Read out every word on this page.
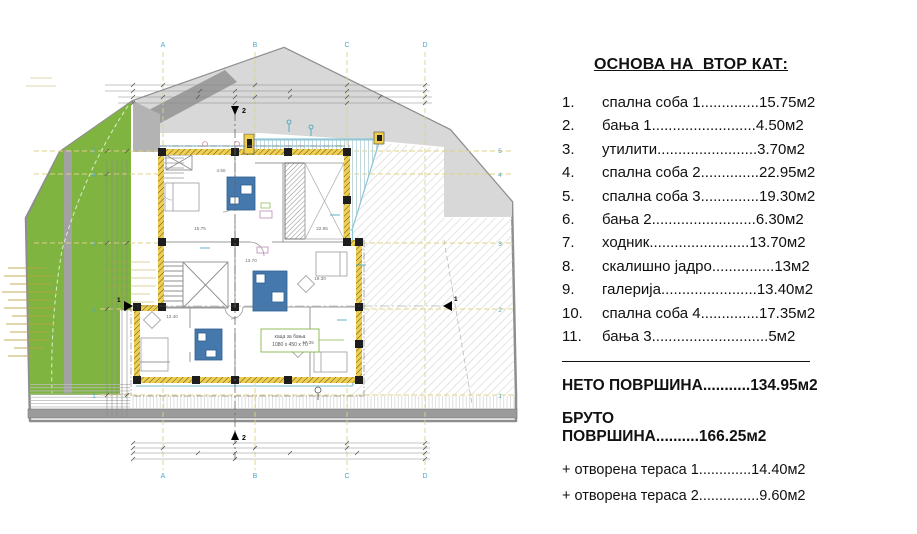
2
2
1	1
A	B	C	D
A	B	C	D
5
4
3
2
1
5
4
3
2
1
каца за бања
1080 x 450 x 70
15.75
4.50
22.95
19.30
13.70
17.35
13.40
ОСНОВА НА  ВТОР КАТ:
1.	спална соба 1..............15.75м2
2.	бања 1.........................4.50м2
3.	утилити........................3.70м2
4.	спална соба 2..............22.95м2
5.	спална соба 3..............19.30м2
6.	бања 2.........................6.30м2
7.	ходник........................13.70м2
8.	скалишно јадро...............13м2
9.	галерија.......................13.40м2
10.	спална соба 4..............17.35м2
11.	бања 3............................5м2
НЕТО ПОВРШИНА...........134.95м2
БРУТО ПОВРШИНА..........166.25м2
+ отворена тераса 1.............14.40м2
+ отворена тераса 2...............9.60м2
